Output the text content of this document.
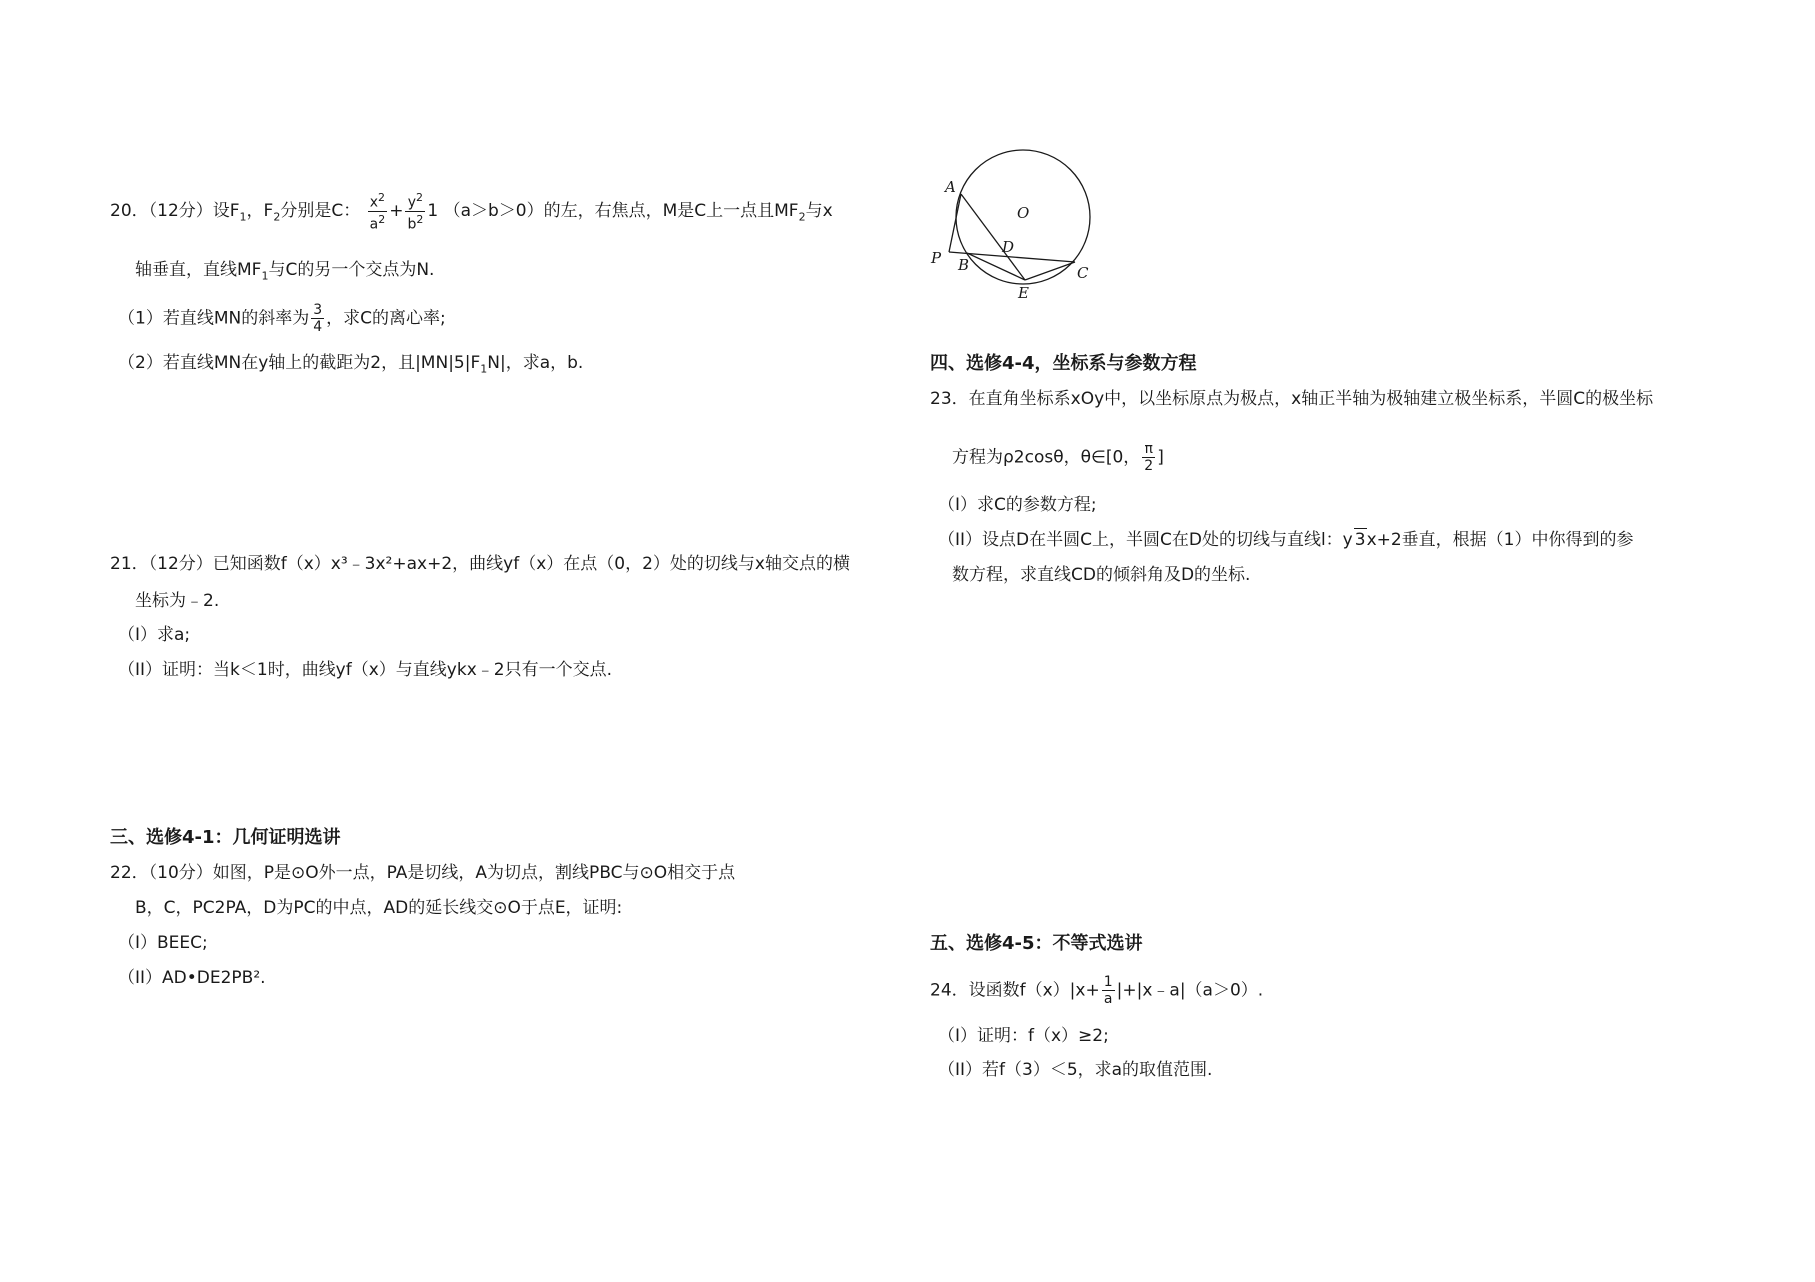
20．（12分）设$F_1$，$F_2$分别是C： $\frac{x^2}{a^2} + \frac{y^2}{b^2} 1$ （a＞b＞0）的左，右焦点，M是C上一点且$MF_2$与x
轴垂直，直线$MF_1$与C的另一个交点为N.
（1）若直线MN的斜率为 $\frac{3}{4}$ ，求C的离心率;
（2）若直线MN在y轴上的截距为2，且$|MN|5|F_1N|$，求a，b.
21．（12分）已知函数f（x）x³﹣3x²+ax+2，曲线yf（x）在点（0，2）处的切线与x轴交点的横
坐标为﹣2.
（I）求a;
（II）证明：当k＜1时，曲线yf（x）与直线ykx﹣2只有一个交点.
三、选修4-1：几何证明选讲
22．（10分）如图，P是⊙O外一点，PA是切线，A为切点，割线PBC与⊙O相交于点
B，C，PC2PA，D为PC的中点，AD的延长线交⊙O于点E，证明:
（I）BEEC;
（II）AD•DE2PB².
A
O
D
P B
E
C
四、选修4-4，坐标系与参数方程
23．在直角坐标系xOy中，以坐标原点为极点，x轴正半轴为极轴建立极坐标系，半圆C的极坐标
方程为ρ2cosθ，θ∈[0， $\frac{\pi}{2}$ ]
（I）求C的参数方程;
（II）设点D在半圆C上，半圆C在D处的切线与直线l：y 3x+2垂直，根据（1）中你得到的参
数方程，求直线CD的倾斜角及D的坐标.
五、选修4-5：不等式选讲
24．设函数$f(x)|x+ \frac{1}{a}$ |+|x﹣a|（a＞0）.
（I）证明：f（x）≥2;
（II）若f（3）＜5，求a的取值范围.
